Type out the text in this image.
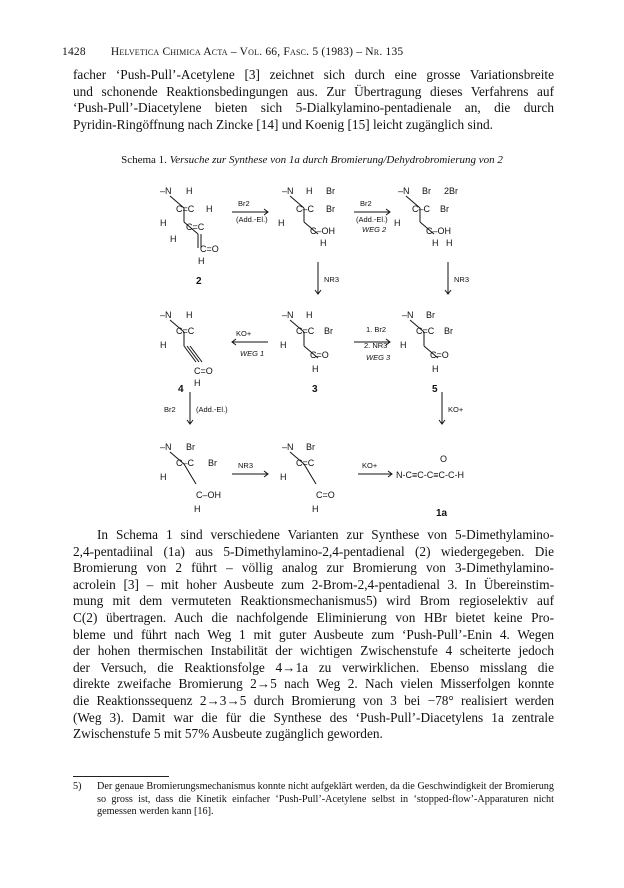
1428 Helvetica Chimica Acta – Vol. 66, Fasc. 5 (1983) – Nr. 135
facher ‘Push-Pull’-Acetylene [3] zeichnet sich durch eine grosse Variationsbreite
und schonende Reaktionsbedingungen aus. Zur Übertragung dieses Verfahrens auf
‘Push-Pull’-Diacetylene bieten sich 5-Dialkylamino-pentadienale an, die durch
Pyridin-Ringöffnung nach Zincke [14] und Koenig [15] leicht zugänglich sind.
Schema 1. Versuche zur Synthese von 1a durch Bromierung/Dehydrobromierung von 2
–N H
C=C
H
H
C=C
H
C=O
H
–N H Br
C–C
H
Br
C–OH
H
–N Br 2Br
C–C
H
Br
C–OH
H H
–N H
C=C
H
C=O
H
–N H
C=C Br
H
C=O
H
–N Br
C=C Br
H
C=O
H
–N Br
Br
C–C
H
C–OH
H
–N Br
C=C
H
C=O
H
O
Br2
(Add.-El.)
Br2
(Add.-El.)
WEG 2
NR3	NR3
KO+
WEG 1
1. Br2
2. NR3
WEG 3
Br2	(Add.-El.)	KO+
NR3	KO+
N-C≡C-C≡C-C-H
2
3
4	5
1a
In Schema 1 sind verschiedene Varianten zur Synthese von 5-Dimethylamino-
2,4-pentadiinal (1a) aus 5-Dimethylamino-2,4-pentadienal (2) wiedergegeben. Die
Bromierung von 2 führt – völlig analog zur Bromierung von 3-Dimethylamino-
acrolein [3] – mit hoher Ausbeute zum 2-Brom-2,4-pentadienal 3. In Übereinstim-
mung mit dem vermuteten Reaktionsmechanismus5) wird Brom regioselektiv auf
C(2) übertragen. Auch die nachfolgende Eliminierung von HBr bietet keine Pro-
bleme und führt nach Weg 1 mit guter Ausbeute zum ‘Push-Pull’-Enin 4. Wegen
der hohen thermischen Instabilität der wichtigen Zwischenstufe 4 scheiterte jedoch
der Versuch, die Reaktionsfolge 4→1a zu verwirklichen. Ebenso misslang die
direkte zweifache Bromierung 2→5 nach Weg 2. Nach vielen Misserfolgen konnte
die Reaktionssequenz 2→3→5 durch Bromierung von 3 bei −78° realisiert werden
(Weg 3). Damit war die für die Synthese des ‘Push-Pull’-Diacetylens 1a zentrale
Zwischenstufe 5 mit 57% Ausbeute zugänglich geworden.
5) Der genaue Bromierungsmechanismus konnte nicht aufgeklärt werden, da die Geschwindigkeit der Bromierung so gross ist, dass die Kinetik einfacher ‘Push-Pull’-Acetylene selbst in ‘stopped-flow’-Apparaturen nicht gemessen werden kann [16].
